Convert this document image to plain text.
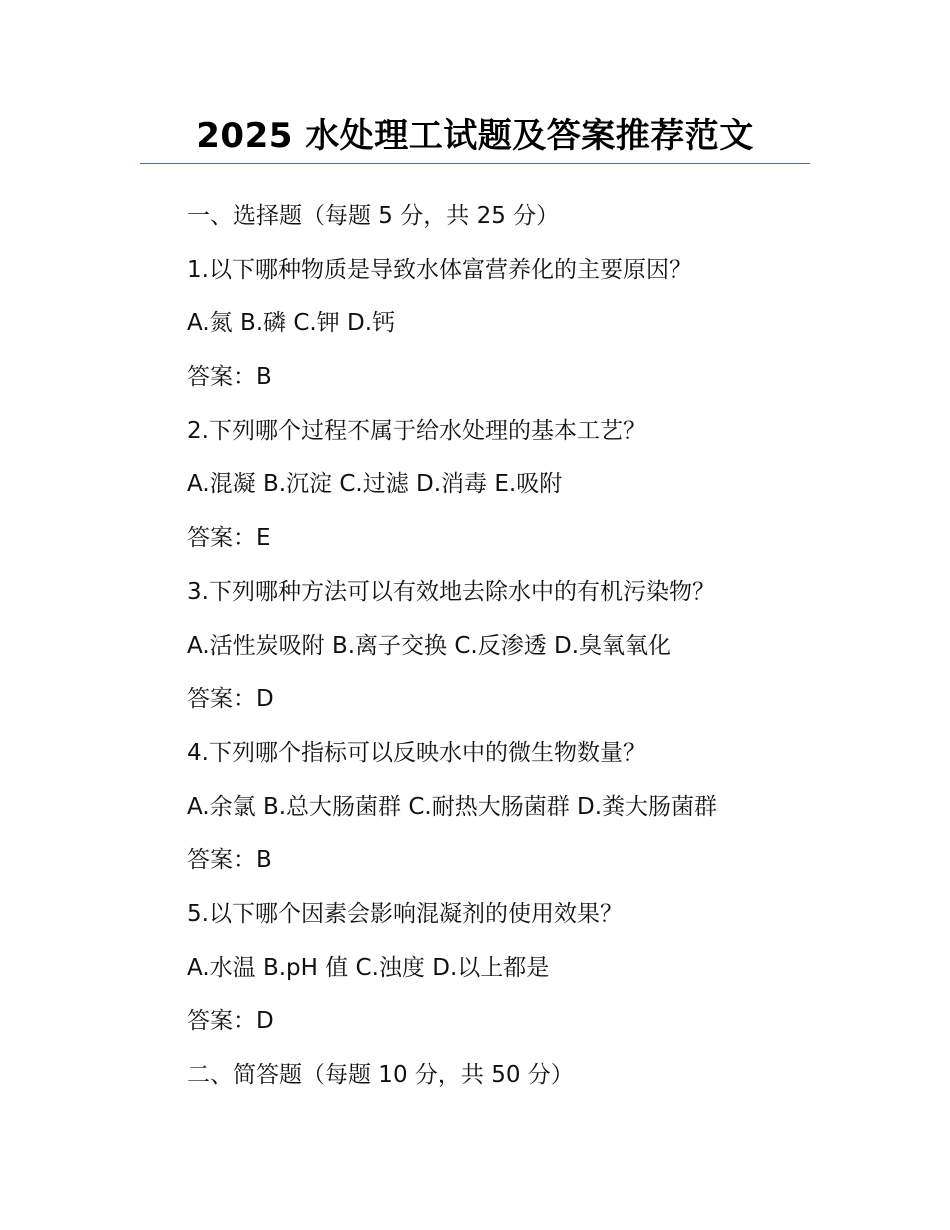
2025 水处理工试题及答案推荐范文
一、选择题（每题 5 分，共 25 分）
1.以下哪种物质是导致水体富营养化的主要原因？
A.氮 B.磷 C.钾 D.钙
答案：B
2.下列哪个过程不属于给水处理的基本工艺？
A.混凝 B.沉淀 C.过滤 D.消毒 E.吸附
答案：E
3.下列哪种方法可以有效地去除水中的有机污染物？
A.活性炭吸附 B.离子交换 C.反渗透 D.臭氧氧化
答案：D
4.下列哪个指标可以反映水中的微生物数量？
A.余氯 B.总大肠菌群 C.耐热大肠菌群 D.粪大肠菌群
答案：B
5.以下哪个因素会影响混凝剂的使用效果？
A.水温 B.pH 值 C.浊度 D.以上都是
答案：D
二、简答题（每题 10 分，共 50 分）
